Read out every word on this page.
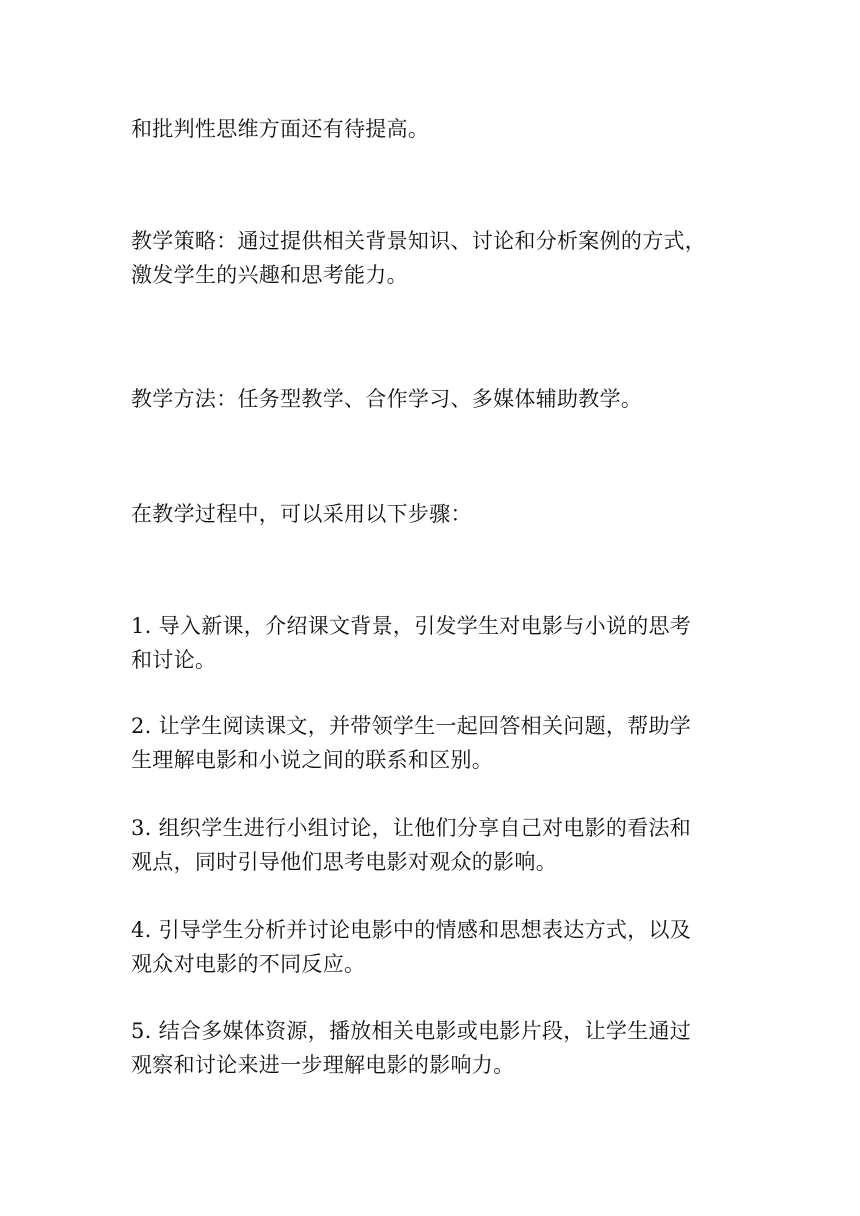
和批判性思维方面还有待提高。

教学策略：通过提供相关背景知识、讨论和分析案例的方式，
激发学生的兴趣和思考能力。

教学方法：任务型教学、合作学习、多媒体辅助教学。

在教学过程中，可以采用以下步骤：

1. 导入新课，介绍课文背景，引发学生对电影与小说的思考
和讨论。

2. 让学生阅读课文，并带领学生一起回答相关问题，帮助学
生理解电影和小说之间的联系和区别。

3. 组织学生进行小组讨论，让他们分享自己对电影的看法和
观点，同时引导他们思考电影对观众的影响。

4. 引导学生分析并讨论电影中的情感和思想表达方式，以及
观众对电影的不同反应。

5. 结合多媒体资源，播放相关电影或电影片段，让学生通过
观察和讨论来进一步理解电影的影响力。
